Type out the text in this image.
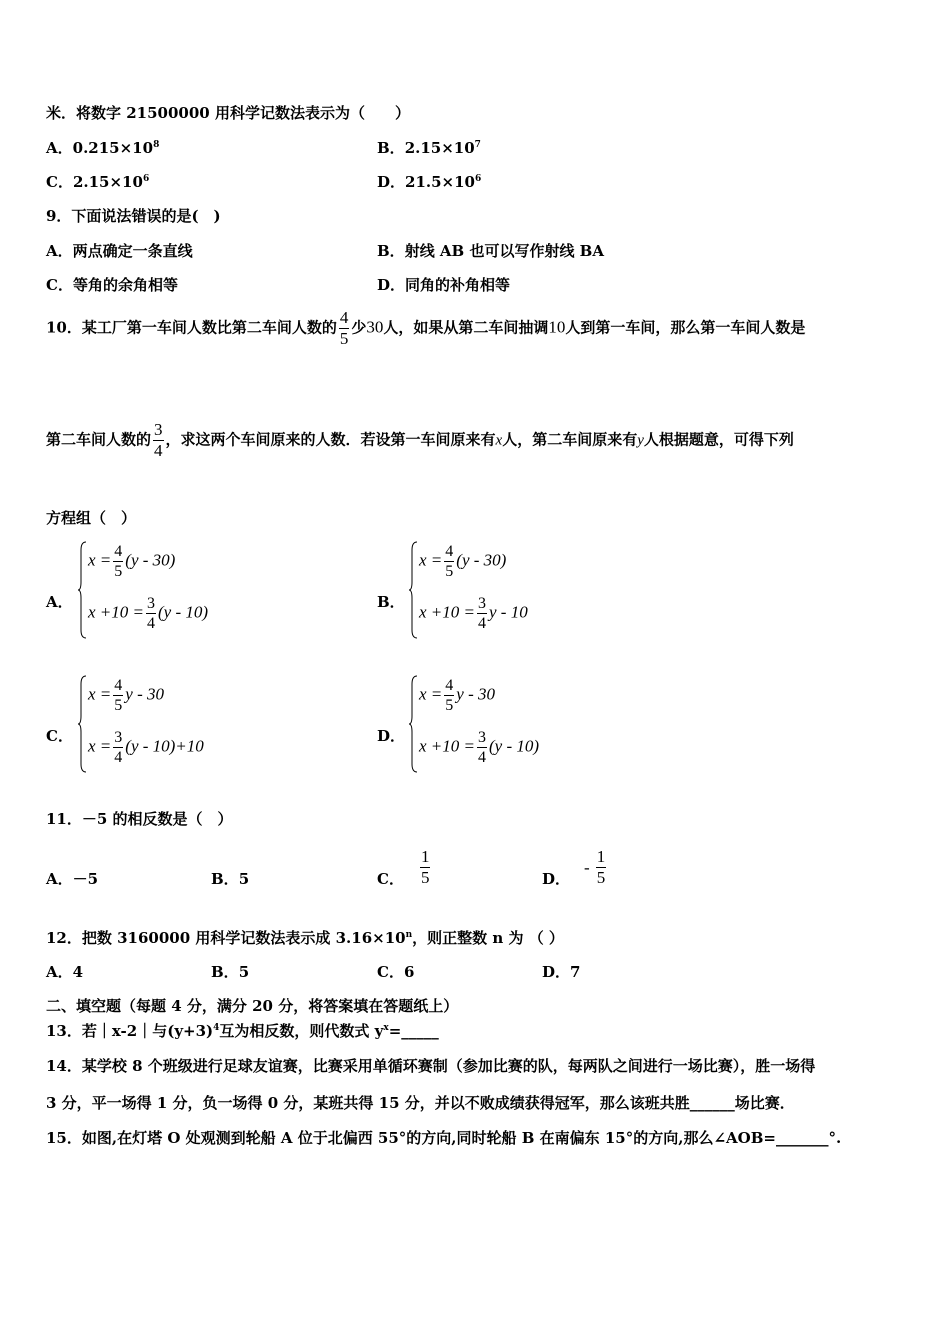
米．将数字 21500000 用科学记数法表示为（　　）
A．$0.215\times 10^8$	B．$2.15\times 10^7$
C．$2.15\times 10^6$	D．$21.5\times 10^6$
9．下面说法错误的是(　)
A．两点确定一条直线	B．射线 AB 也可以写作射线 BA
C．等角的余角相等	D．同角的补角相等
10．某工厂第一车间人数比第二车间人数的 $\frac{4}{5}$ 少30人，如果从第二车间抽调10人到第一车间，那么第一车间人数是
第二车间人数的 $\frac{3}{4}$ ，求这两个车间原来的人数．若设第一车间原来有x人，第二车间原来有y人根据题意，可得下列
方程组（　）
A．
$x = \frac{4}{5} (y - 30)$
$x +10 = \frac{3}{4} (y - 10)$
B．
$x = \frac{4}{5} (y - 30)$
$x +10 = \frac{3}{4}$ y - 10
C．
$x = \frac{4}{5}$ y - 30
$x = \frac{3}{4} (y - 10)+10$
D．
$x = \frac{4}{5}$ y - 30
$x +10 = \frac{3}{4} (y - 10)$
11．－5 的相反数是（　）
A．－5	B．5	C． $\frac{1}{5}$	D．- $\frac{1}{5}$
12．把数 3160000 用科学记数法表示成 $3.16\times 10^n$，则正整数 n 为 （ ）
A．4	B．5	C．6	D．7
二、填空题（每题 4 分，满分 20 分，将答案填在答题纸上）
13．若｜x-2｜与$(y+3)^4$互为相反数，则代数式 $y^x=\_\_\_\_\_$
14．某学校 8 个班级进行足球友谊赛，比赛采用单循环赛制（参加比赛的队，每两队之间进行一场比赛），胜一场得
3 分，平一场得 1 分，负一场得 0 分，某班共得 15 分，并以不败成绩获得冠军，那么该班共胜______场比赛．
15．如图,在灯塔 O 处观测到轮船 A 位于北偏西 55°的方向,同时轮船 B 在南偏东 15°的方向,那么∠AOB=_______°.
